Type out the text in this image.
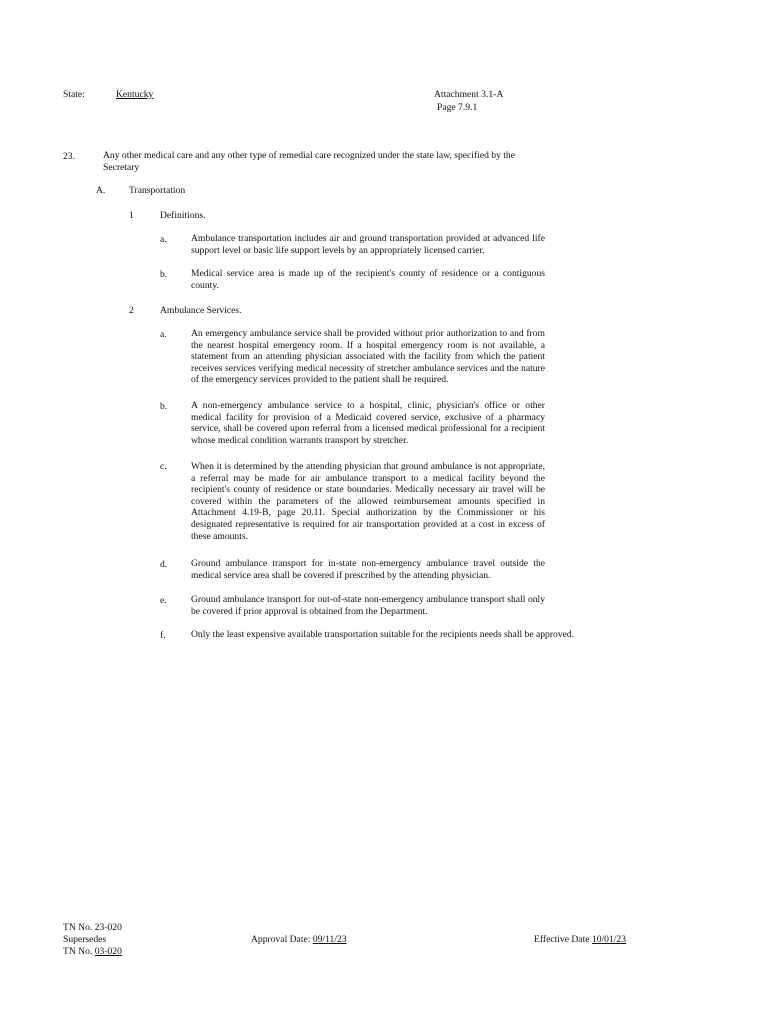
State:	Kentucky	Attachment 3.1-A
Page 7.9.1
23.	Any other medical care and any other type of remedial care recognized under the state law, specified by the Secretary
A. Transportation
1	Definitions.
a.	Ambulance transportation includes air and ground transportation provided at advanced life support level or basic life support levels by an appropriately licensed carrier.
b. Medical service area is made up of the recipient's county of residence or a contiguous county.
2	Ambulance Services.
a.	An emergency ambulance service shall be provided without prior authorization to and from the nearest hospital emergency room. If a hospital emergency room is not available, a statement from an attending physician associated with the facility from which the patient receives services verifying medical necessity of stretcher ambulance services and the nature of the emergency services provided to the patient shall be required.
b. A non-emergency ambulance service to a hospital, clinic, physician's office or other medical facility for provision of a Medicaid covered service, exclusive of a pharmacy service, shall be covered upon referral from a licensed medical professional for a recipient whose medical condition warrants transport by stretcher.
c.	When it is determined by the attending physician that ground ambulance is not appropriate, a referral may be made for air ambulance transport to a medical facility beyond the recipient's county of residence or state boundaries. Medically necessary air travel will be covered within the parameters of the allowed reimbursement amounts specified in Attachment 4.19-B, page 20.11. Special authorization by the Commissioner or his designated representative is required for air transportation provided at a cost in excess of these amounts.
d. Ground ambulance transport for in-state non-emergency ambulance travel outside the medical service area shall be covered if prescribed by the attending physician.
e.	Ground ambulance transport for out-of-state non-emergency ambulance transport shall only be covered if prior approval is obtained from the Department.
f.	Only the least expensive available transportation suitable for the recipients needs shall be approved.
TN No. 23-020
Supersedes
TN No. 03-020
Approval Date: 09/11/23	Effective Date 10/01/23
